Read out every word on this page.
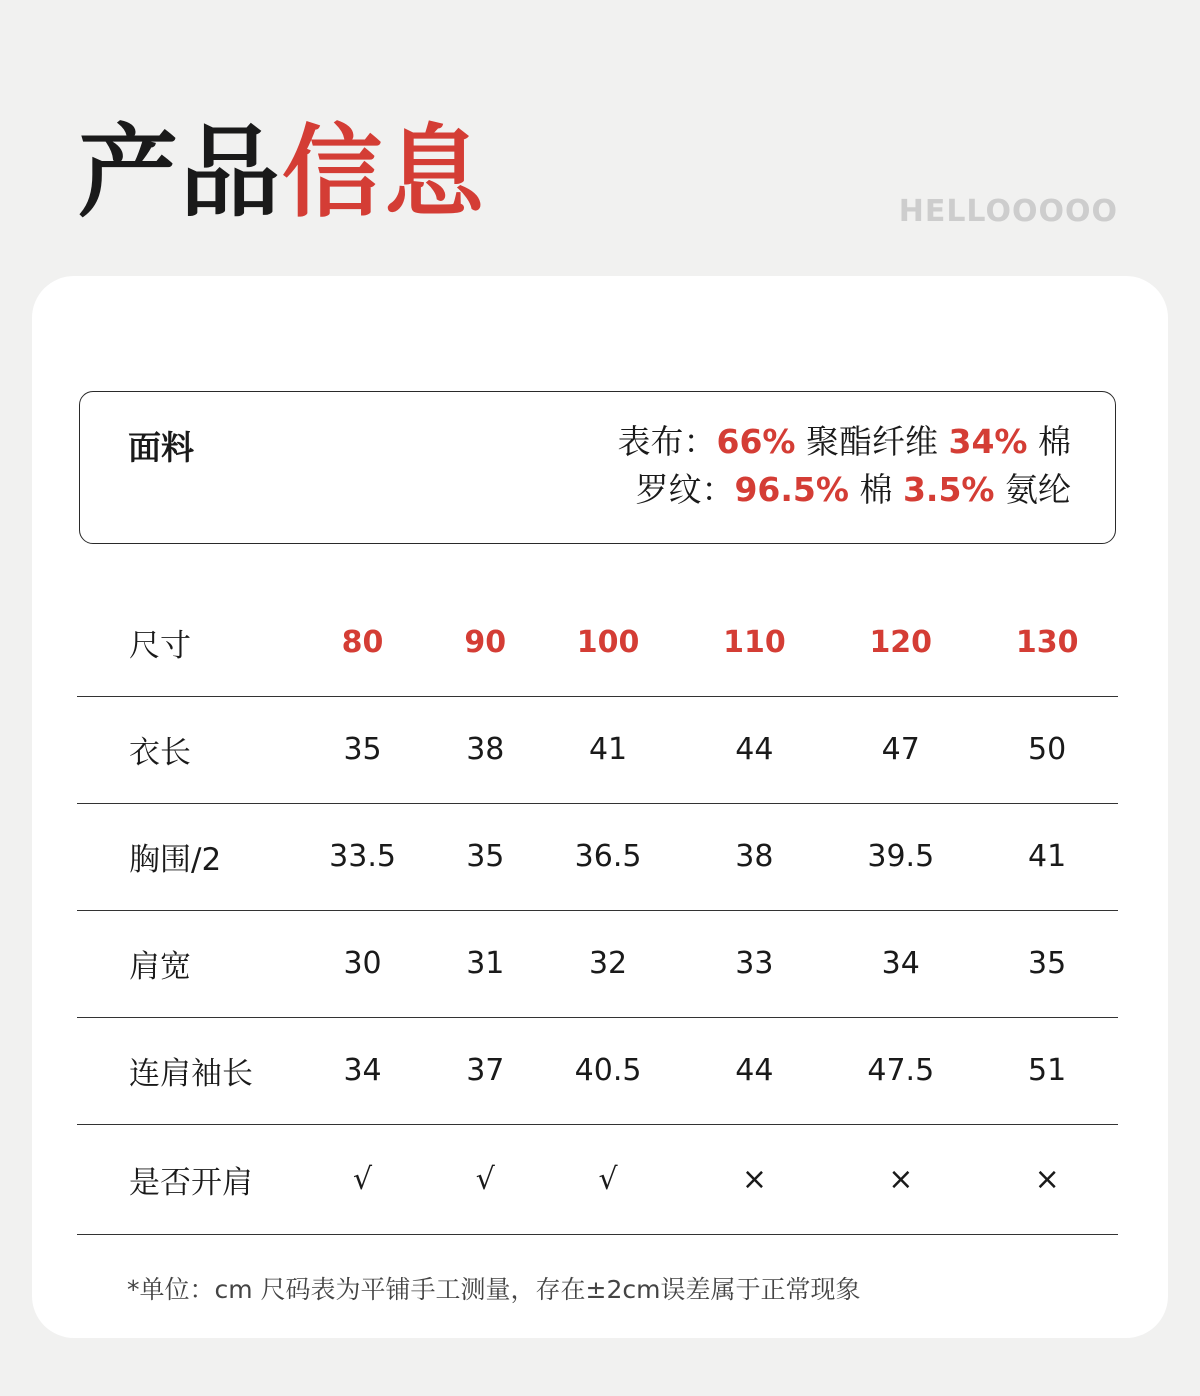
产品信息	HELLOOOOO
面料	表布：66% 聚酯纤维 34% 棉
罗纹：96.5% 棉 3.5% 氨纶
尺寸	80	90	100	110	120	130
衣长	35	38	41	44	47	50
胸围/2	33.5	35	36.5	38	39.5	41
肩宽	30	31	32	33	34	35
连肩袖长	34	37	40.5	44	47.5	51
是否开肩	√	√	√	×	×	×
*单位：cm 尺码表为平铺手工测量，存在±2cm误差属于正常现象
